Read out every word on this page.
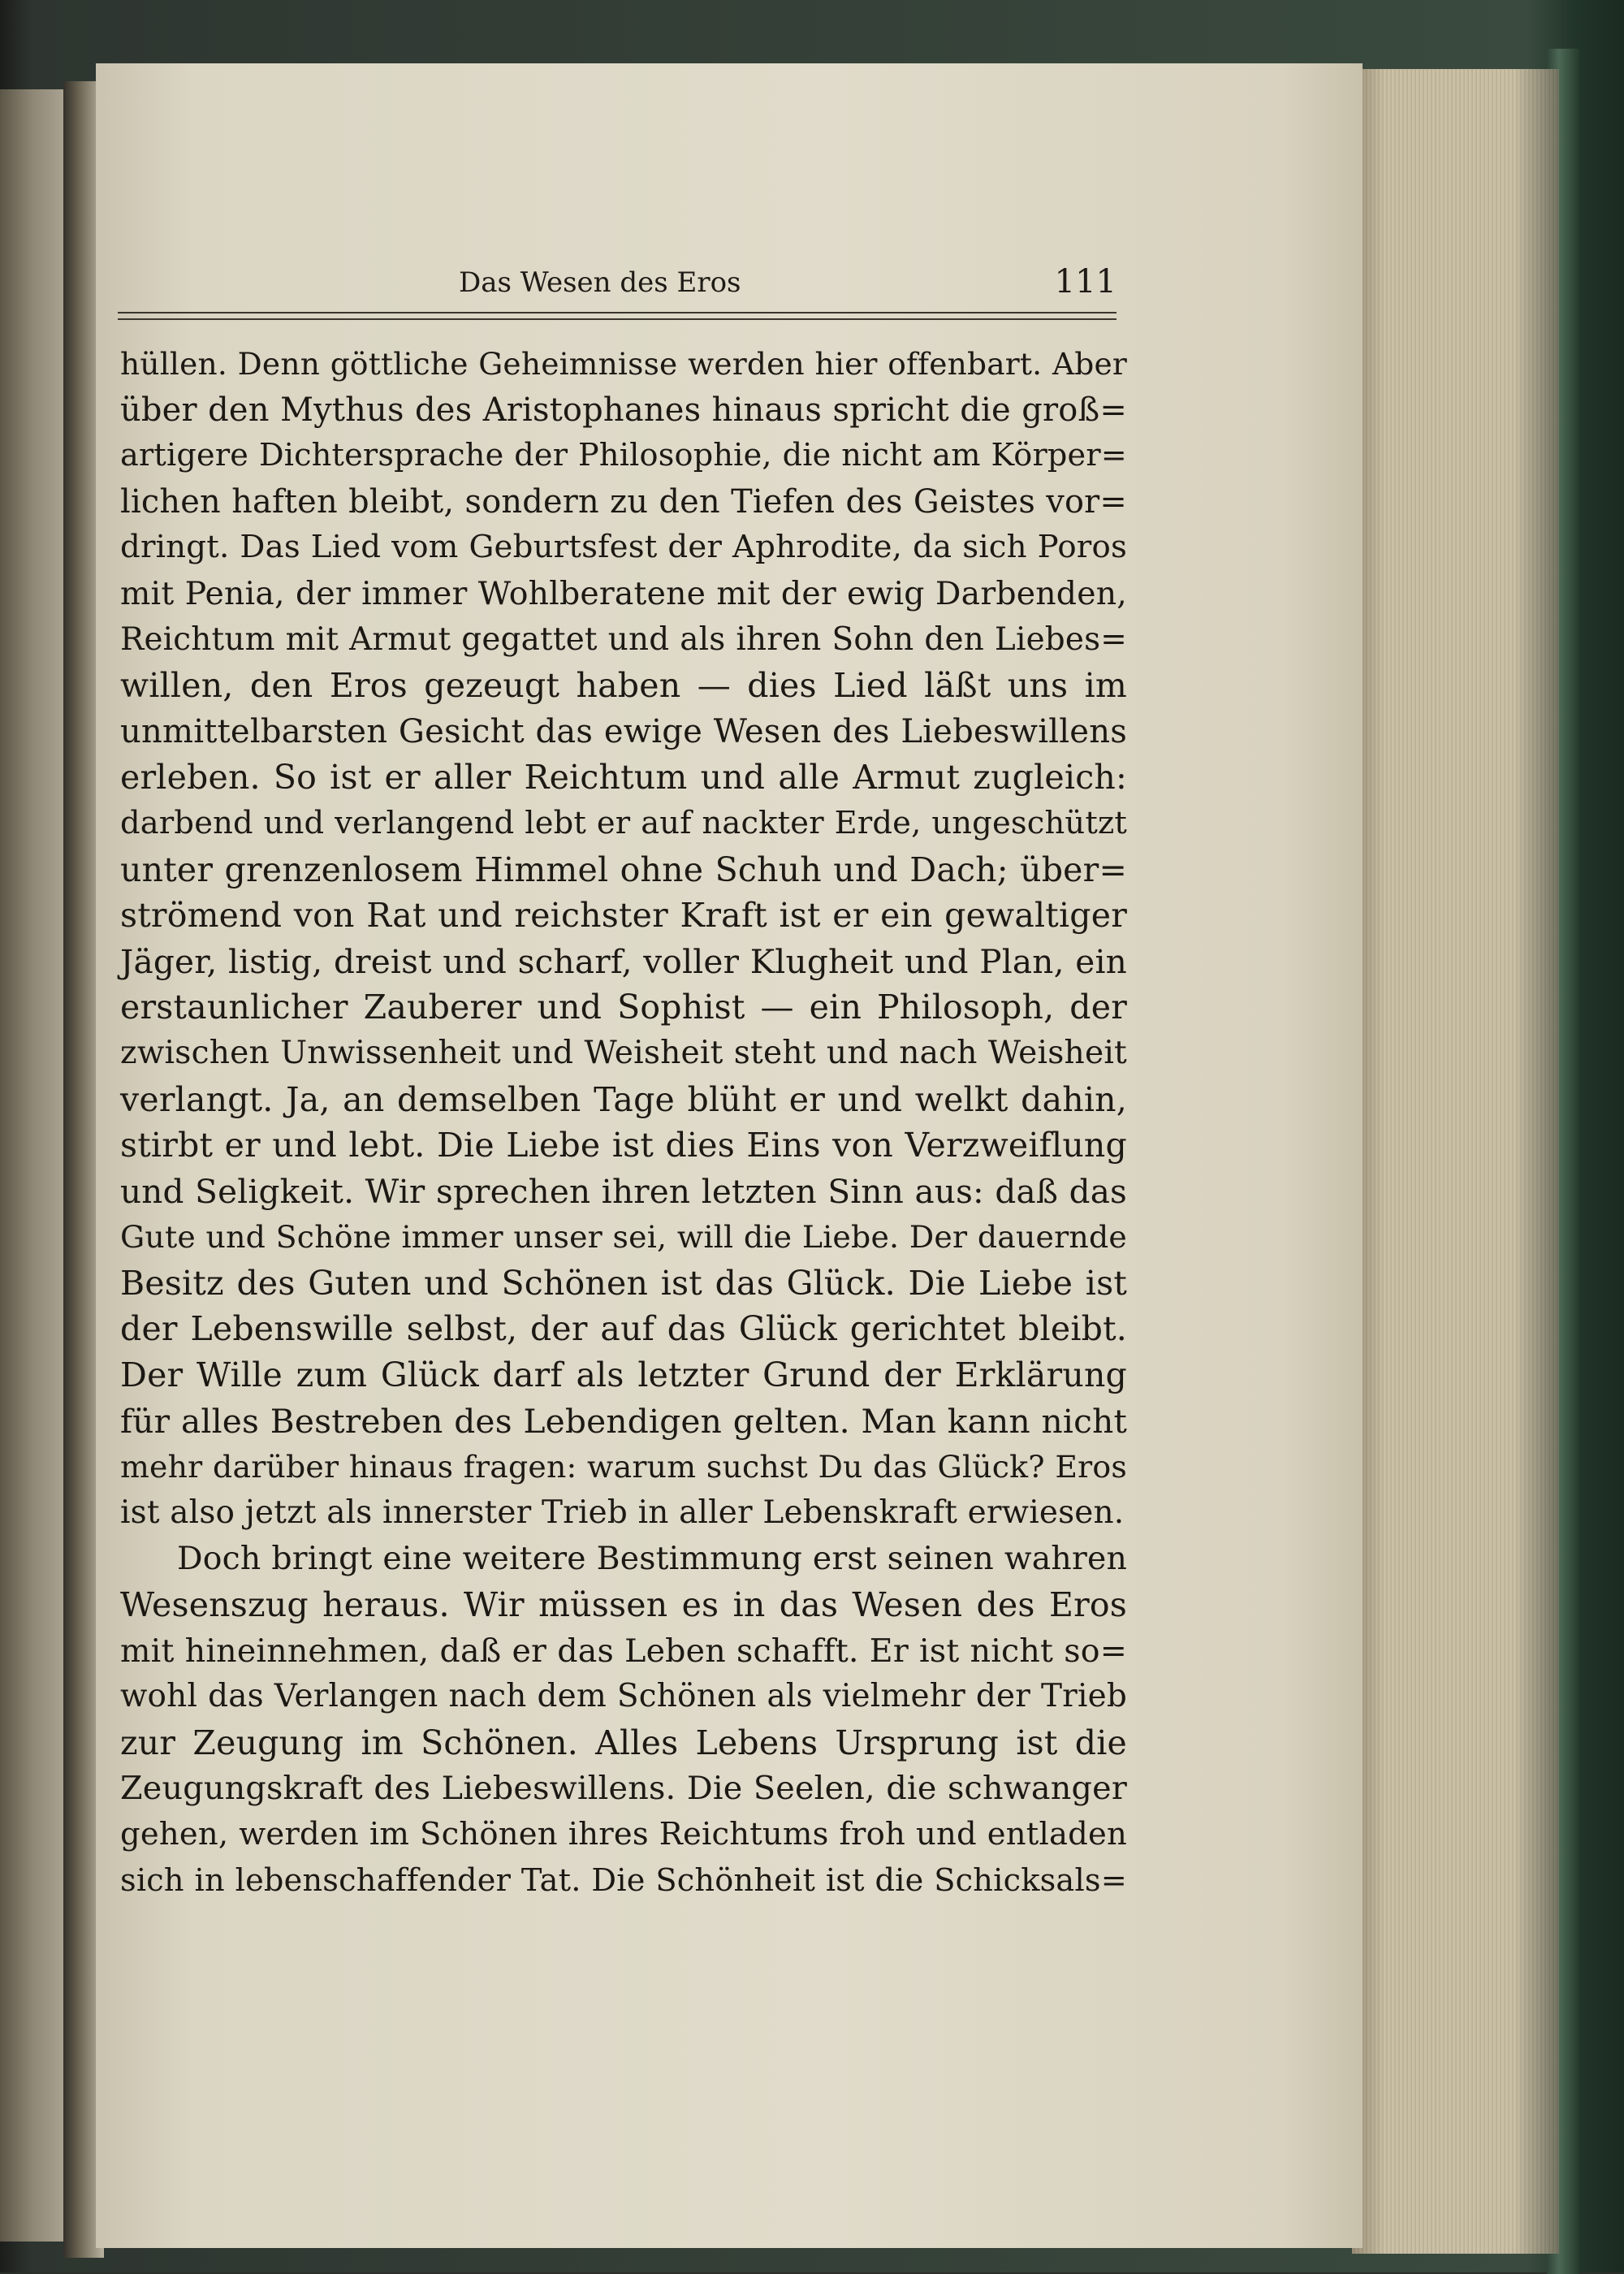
Das Wesen des Eros	111
hüllen. Denn göttliche Geheimnisse werden hier offenbart. Aber
über den Mythus des Aristophanes hinaus spricht die groß=
artigere Dichtersprache der Philosophie, die nicht am Körper=
lichen haften bleibt, sondern zu den Tiefen des Geistes vor=
dringt. Das Lied vom Geburtsfest der Aphrodite, da sich Poros
mit Penia, der immer Wohlberatene mit der ewig Darbenden,
Reichtum mit Armut gegattet und als ihren Sohn den Liebes=
willen, den Eros gezeugt haben — dies Lied läßt uns im
unmittelbarsten Gesicht das ewige Wesen des Liebeswillens
erleben. So ist er aller Reichtum und alle Armut zugleich:
darbend und verlangend lebt er auf nackter Erde, ungeschützt
unter grenzenlosem Himmel ohne Schuh und Dach; über=
strömend von Rat und reichster Kraft ist er ein gewaltiger
Jäger, listig, dreist und scharf, voller Klugheit und Plan, ein
erstaunlicher Zauberer und Sophist — ein Philosoph, der
zwischen Unwissenheit und Weisheit steht und nach Weisheit
verlangt. Ja, an demselben Tage blüht er und welkt dahin,
stirbt er und lebt. Die Liebe ist dies Eins von Verzweiflung
und Seligkeit. Wir sprechen ihren letzten Sinn aus: daß das
Gute und Schöne immer unser sei, will die Liebe. Der dauernde
Besitz des Guten und Schönen ist das Glück. Die Liebe ist
der Lebenswille selbst, der auf das Glück gerichtet bleibt.
Der Wille zum Glück darf als letzter Grund der Erklärung
für alles Bestreben des Lebendigen gelten. Man kann nicht
mehr darüber hinaus fragen: warum suchst Du das Glück? Eros
ist also jetzt als innerster Trieb in aller Lebenskraft erwiesen.
Doch bringt eine weitere Bestimmung erst seinen wahren
Wesenszug heraus. Wir müssen es in das Wesen des Eros
mit hineinnehmen, daß er das Leben schafft. Er ist nicht so=
wohl das Verlangen nach dem Schönen als vielmehr der Trieb
zur Zeugung im Schönen. Alles Lebens Ursprung ist die
Zeugungskraft des Liebeswillens. Die Seelen, die schwanger
gehen, werden im Schönen ihres Reichtums froh und entladen
sich in lebenschaffender Tat. Die Schönheit ist die Schicksals=
